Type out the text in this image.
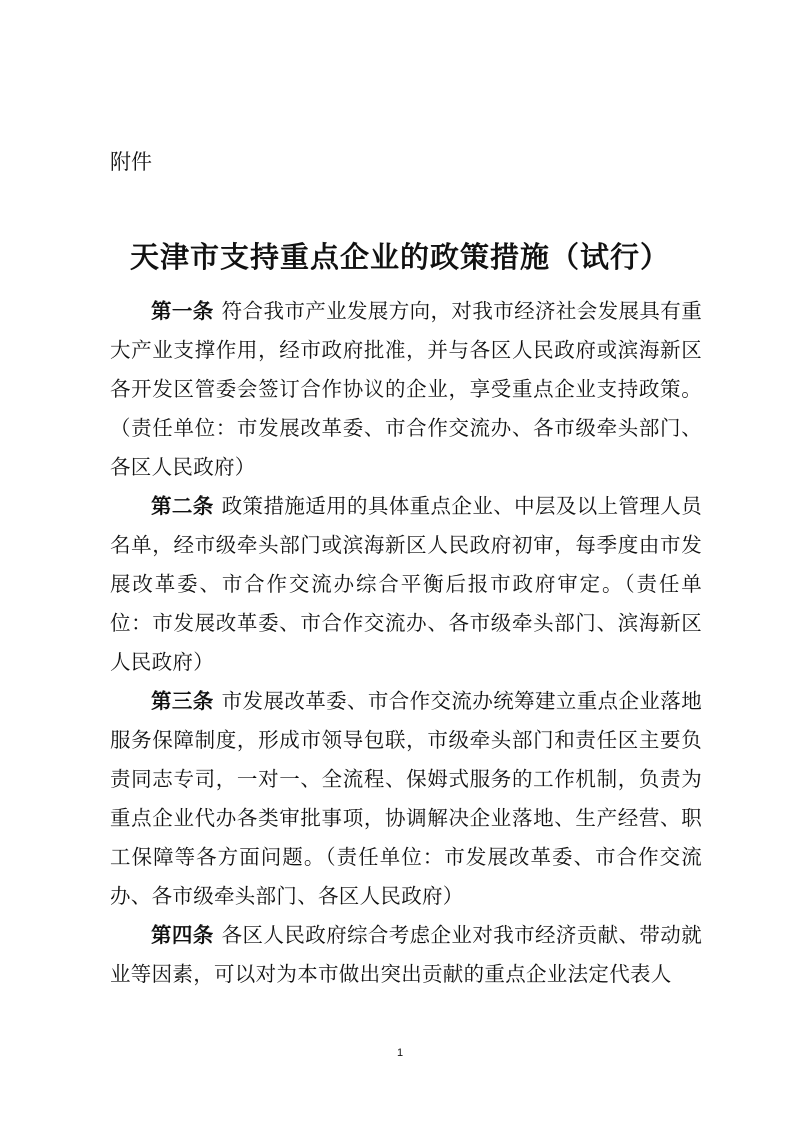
附件
天津市支持重点企业的政策措施（试行）

第一条 符合我市产业发展方向，对我市经济社会发展具有重大产业支撑作用，经市政府批准，并与各区人民政府或滨海新区各开发区管委会签订合作协议的企业，享受重点企业支持政策。（责任单位：市发展改革委、市合作交流办、各市级牵头部门、各区人民政府）

第二条 政策措施适用的具体重点企业、中层及以上管理人员名单，经市级牵头部门或滨海新区人民政府初审，每季度由市发展改革委、市合作交流办综合平衡后报市政府审定。（责任单位：市发展改革委、市合作交流办、各市级牵头部门、滨海新区人民政府）

第三条 市发展改革委、市合作交流办统筹建立重点企业落地服务保障制度，形成市领导包联，市级牵头部门和责任区主要负责同志专司，一对一、全流程、保姆式服务的工作机制，负责为重点企业代办各类审批事项，协调解决企业落地、生产经营、职工保障等各方面问题。（责任单位：市发展改革委、市合作交流办、各市级牵头部门、各区人民政府）

第四条 各区人民政府综合考虑企业对我市经济贡献、带动就业等因素，可以对为本市做出突出贡献的重点企业法定代表人

1
